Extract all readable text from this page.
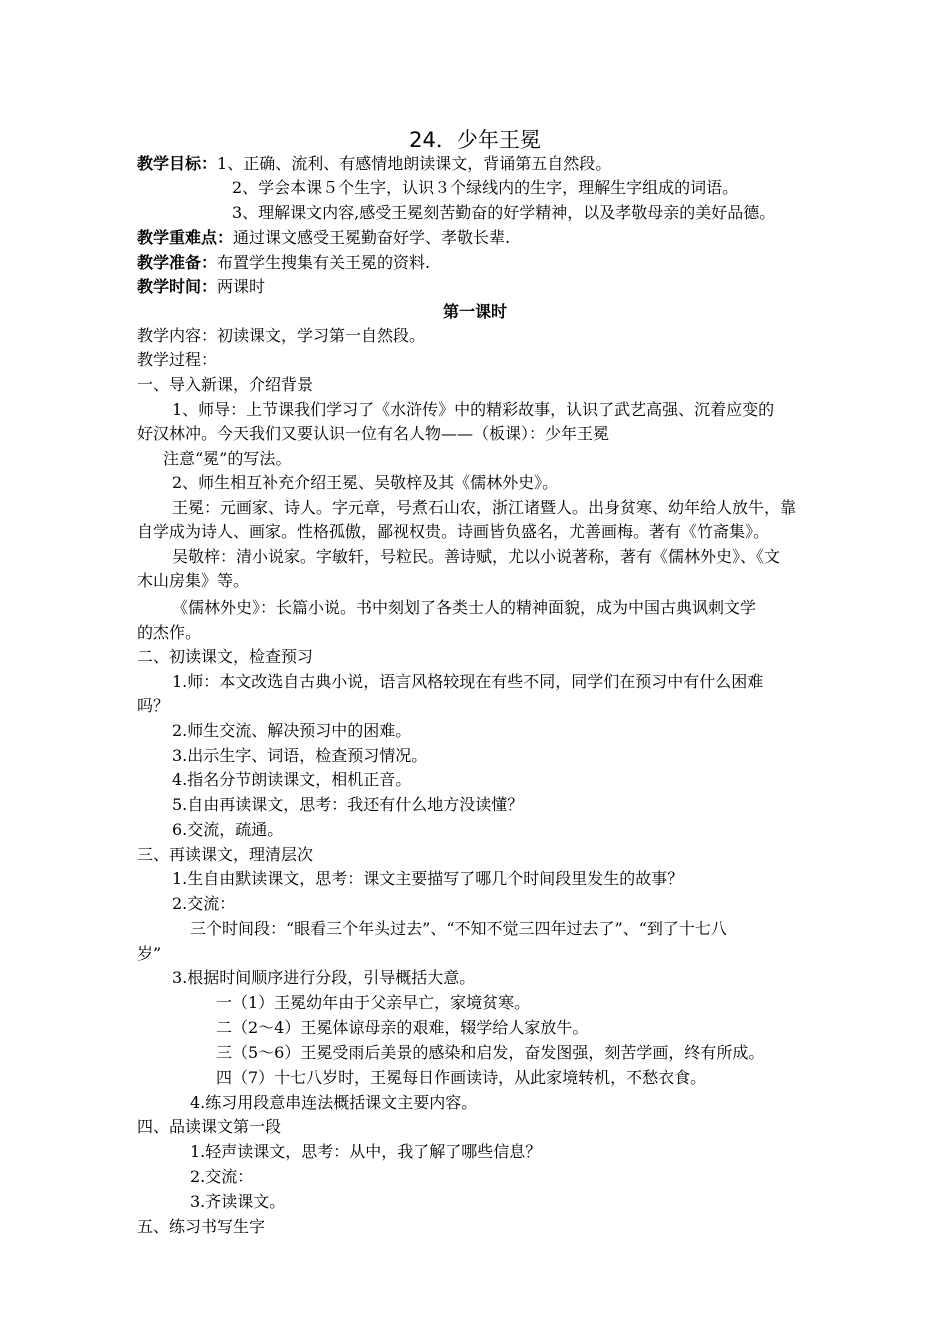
24．少年王冕
教学目标：1、正确、流利、有感情地朗读课文，背诵第五自然段。
2、学会本课５个生字，认识３个绿线内的生字，理解生字组成的词语。
3、理解课文内容,感受王冕刻苦勤奋的好学精神，以及孝敬母亲的美好品德。
教学重难点：通过课文感受王冕勤奋好学、孝敬长辈.
教学准备：布置学生搜集有关王冕的资料.
教学时间：两课时
第一课时
教学内容：初读课文，学习第一自然段。
教学过程：
一、导入新课，介绍背景
1、师导：上节课我们学习了《水浒传》中的精彩故事，认识了武艺高强、沉着应变的
好汉林冲。今天我们又要认识一位有名人物——（板课）：少年王冕
注意“冕”的写法。
2、师生相互补充介绍王冕、吴敬梓及其《儒林外史》。
王冕：元画家、诗人。字元章，号煮石山农，浙江诸暨人。出身贫寒、幼年给人放牛，靠
自学成为诗人、画家。性格孤傲，鄙视权贵。诗画皆负盛名，尤善画梅。著有《竹斋集》。
吴敬梓：清小说家。字敏轩，号粒民。善诗赋，尤以小说著称，著有《儒林外史》、《文
木山房集》等。
《儒林外史》：长篇小说。书中刻划了各类士人的精神面貌，成为中国古典讽刺文学
的杰作。
二、初读课文，检查预习
1.师：本文改选自古典小说，语言风格较现在有些不同，同学们在预习中有什么困难
吗？
2.师生交流、解决预习中的困难。
3.出示生字、词语，检查预习情况。
4.指名分节朗读课文，相机正音。
5.自由再读课文，思考：我还有什么地方没读懂？
6.交流，疏通。
三、再读课文，理清层次
1.生自由默读课文，思考：课文主要描写了哪几个时间段里发生的故事？
2.交流：
三个时间段：“眼看三个年头过去”、“不知不觉三四年过去了”、“到了十七八
岁”
3.根据时间顺序进行分段，引导概括大意。
一（1）王冕幼年由于父亲早亡，家境贫寒。
二（2～4）王冕体谅母亲的艰难，辍学给人家放牛。
三（5～6）王冕受雨后美景的感染和启发，奋发图强，刻苦学画，终有所成。
四（7）十七八岁时，王冕每日作画读诗，从此家境转机，不愁衣食。
4.练习用段意串连法概括课文主要内容。
四、品读课文第一段
1.轻声读课文，思考：从中，我了解了哪些信息？
2.交流：
3.齐读课文。
五、练习书写生字
